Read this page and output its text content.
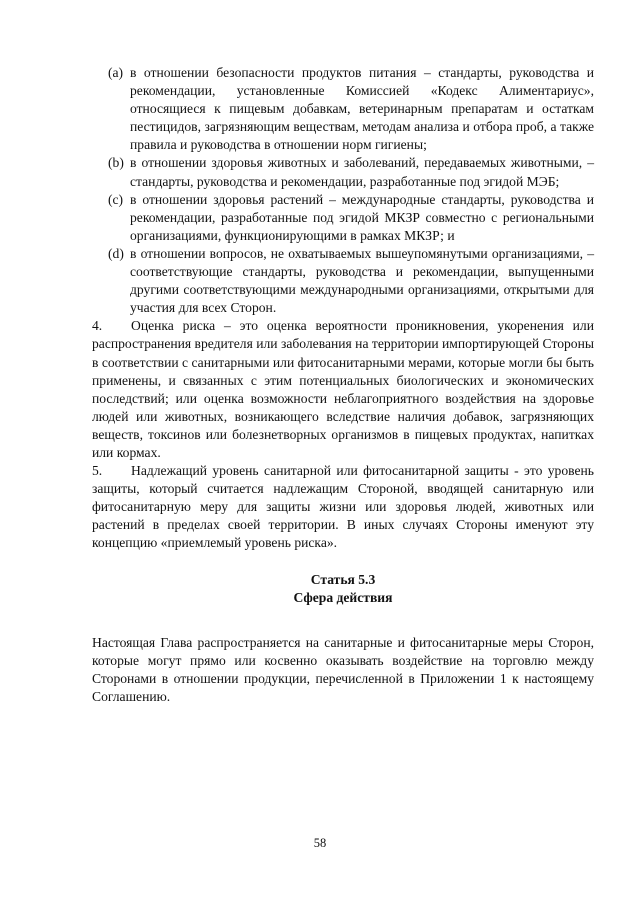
(a) в отношении безопасности продуктов питания – стандарты, руководства и рекомендации, установленные Комиссией «Кодекс Алиментариус», относящиеся к пищевым добавкам, ветеринарным препаратам и остаткам пестицидов, загрязняющим веществам, методам анализа и отбора проб, а также правила и руководства в отношении норм гигиены;
(b) в отношении здоровья животных и заболеваний, передаваемых животными, – стандарты, руководства и рекомендации, разработанные под эгидой МЭБ;
(c) в отношении здоровья растений – международные стандарты, руководства и рекомендации, разработанные под эгидой МКЗР совместно с региональными организациями, функционирующими в рамках МКЗР; и
(d) в отношении вопросов, не охватываемых вышеупомянутыми организациями, – соответствующие стандарты, руководства и рекомендации, выпущенными другими соответствующими международными организациями, открытыми для участия для всех Сторон.
4. Оценка риска – это оценка вероятности проникновения, укоренения или распространения вредителя или заболевания на территории импортирующей Стороны в соответствии с санитарными или фитосанитарными мерами, которые могли бы быть применены, и связанных с этим потенциальных биологических и экономических последствий; или оценка возможности неблагоприятного воздействия на здоровье людей или животных, возникающего вследствие наличия добавок, загрязняющих веществ, токсинов или болезнетворных организмов в пищевых продуктах, напитках или кормах.
5. Надлежащий уровень санитарной или фитосанитарной защиты - это уровень защиты, который считается надлежащим Стороной, вводящей санитарную или фитосанитарную меру для защиты жизни или здоровья людей, животных или растений в пределах своей территории. В иных случаях Стороны именуют эту концепцию «приемлемый уровень риска».
Статья 5.3
Сфера действия
Настоящая Глава распространяется на санитарные и фитосанитарные меры Сторон, которые могут прямо или косвенно оказывать воздействие на торговлю между Сторонами в отношении продукции, перечисленной в Приложении 1 к настоящему Соглашению.
58
